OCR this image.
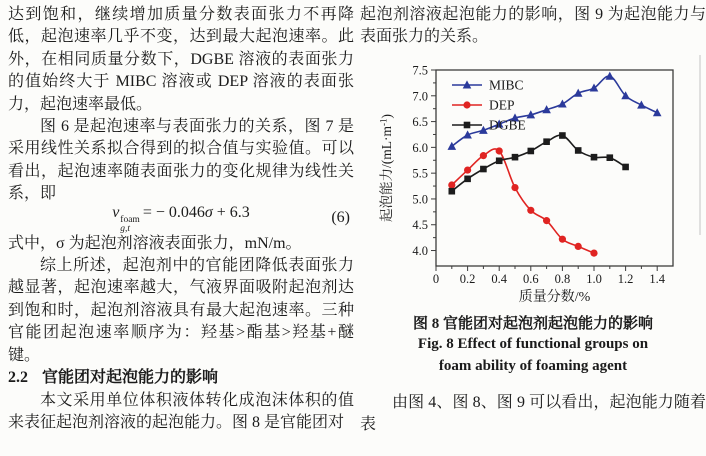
达到饱和，继续增加质量分数表面张力不再降低，起泡速率几乎不变，达到最大起泡速率。此外，在相同质量分数下，DGBE 溶液的表面张力的值始终大于 MIBC 溶液或 DEP 溶液的表面张力，起泡速率最低。

图 6 是起泡速率与表面张力的关系，图 7 是采用线性关系拟合得到的拟合值与实验值。可以看出，起泡速率随表面张力的变化规律为线性关系，即

v foam
g,t
= − 0.046σ + 6.3	(6)

式中，σ 为起泡剂溶液表面张力，mN/m。

综上所述，起泡剂中的官能团降低表面张力越显著，起泡速率越大，气液界面吸附起泡剂达到饱和时，起泡剂溶液具有最大起泡速率。三种官能团起泡速率顺序为：羟基>酯基>羟基+醚键。

2.2 官能团对起泡能力的影响

本文采用单位体积液体转化成泡沫体积的值来表征起泡剂溶液的起泡能力。图 8 是官能团对

起泡剂溶液起泡能力的影响，图 9 为起泡能力与表面张力的关系。

0 0.2 0.4 0.6 0.8 1.0 1.2 1.4
4.0
4.5
5.0
5.5
6.0
6.5
7.0
7.5
质量分数/%
起泡能力$/(mL\cdot m^{-1})$
MIBC
DEP
DGBE

图 8 官能团对起泡剂起泡能力的影响

Fig. 8 Effect of functional groups on

foam ability of foaming agent

由图 4、图 8、图 9 可以看出，起泡能力随着表
